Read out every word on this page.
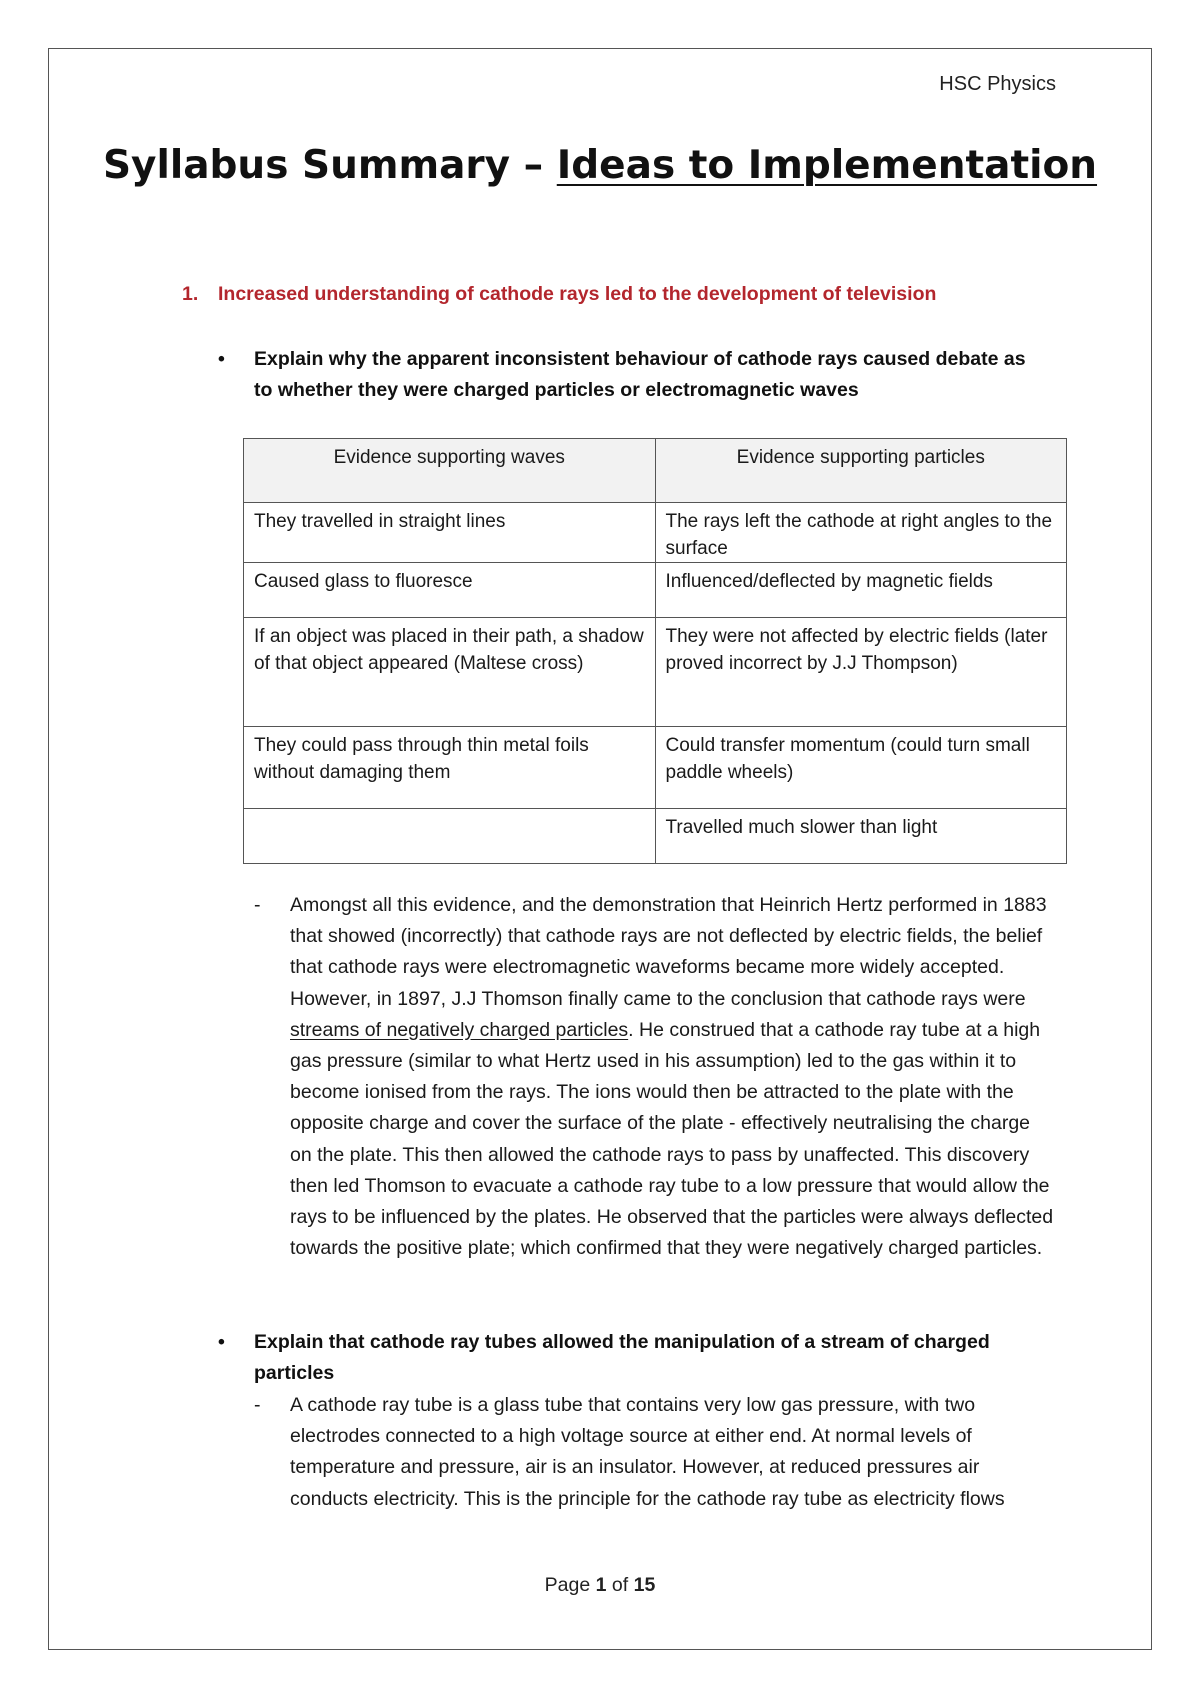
HSC Physics
Syllabus Summary – Ideas to Implementation
1. Increased understanding of cathode rays led to the development of television
• Explain why the apparent inconsistent behaviour of cathode rays caused debate as to whether they were charged particles or electromagnetic waves
Evidence supporting waves	Evidence supporting particles
They travelled in straight lines	The rays left the cathode at right angles to the surface
Caused glass to fluoresce	Influenced/deflected by magnetic fields
If an object was placed in their path, a shadow of that object appeared (Maltese cross)	They were not affected by electric fields (later proved incorrect by J.J Thompson)
They could pass through thin metal foils without damaging them	Could transfer momentum (could turn small paddle wheels)
	Travelled much slower than light
- Amongst all this evidence, and the demonstration that Heinrich Hertz performed in 1883 that showed (incorrectly) that cathode rays are not deflected by electric fields, the belief that cathode rays were electromagnetic waveforms became more widely accepted. However, in 1897, J.J Thomson finally came to the conclusion that cathode rays were streams of negatively charged particles. He construed that a cathode ray tube at a high gas pressure (similar to what Hertz used in his assumption) led to the gas within it to become ionised from the rays. The ions would then be attracted to the plate with the opposite charge and cover the surface of the plate - effectively neutralising the charge on the plate. This then allowed the cathode rays to pass by unaffected. This discovery then led Thomson to evacuate a cathode ray tube to a low pressure that would allow the rays to be influenced by the plates. He observed that the particles were always deflected towards the positive plate; which confirmed that they were negatively charged particles.
• Explain that cathode ray tubes allowed the manipulation of a stream of charged particles
- A cathode ray tube is a glass tube that contains very low gas pressure, with two electrodes connected to a high voltage source at either end. At normal levels of temperature and pressure, air is an insulator. However, at reduced pressures air conducts electricity. This is the principle for the cathode ray tube as electricity flows
Page 1 of 15
